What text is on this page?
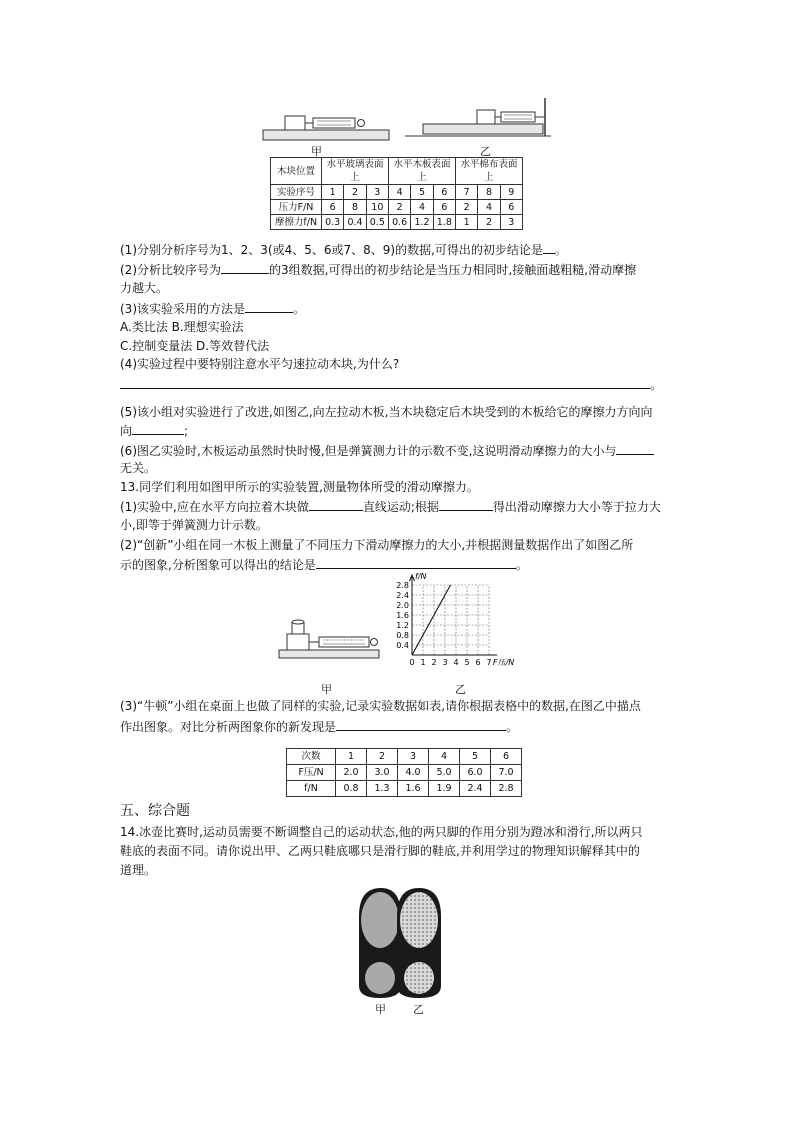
甲	乙
木块位置	水平玻璃表面上			水平木板表面上			水平棉布表面上		
实验序号	1	2	3	4	5	6	7	8	9
压力F/N	6	8	10	2	4	6	2	4	6
摩擦力f/N	0.3	0.4	0.5	0.6	1.2	1.8	1	2	3
(1)分别分析序号为1、2、3(或4、5、6或7、8、9)的数据,可得出的初步结论是 。
(2)分析比较序号为	的3组数据,可得出的初步结论是当压力相同时,接触面越粗糙,滑动摩擦
力越大。
(3)该实验采用的方法是	。
A.类比法 B.理想实验法
C.控制变量法 D.等效替代法
(4)实验过程中要特别注意水平匀速拉动木块,为什么?
。
(5)该小组对实验进行了改进,如图乙,向左拉动木板,当木块稳定后木块受到的木板给它的摩擦力方向向
向	;
(6)图乙实验时,木板运动虽然时快时慢,但是弹簧测力计的示数不变,这说明滑动摩擦力的大小与
无关。
13.同学们利用如图甲所示的实验装置,测量物体所受的滑动摩擦力。
(1)实验中,应在水平方向拉着木块做	直线运动;根据	得出滑动摩擦力大小等于拉力大
小,即等于弹簧测力计示数。
(2)“创新”小组在同一木板上测量了不同压力下滑动摩擦力的大小,并根据测量数据作出了如图乙所
示的图象,分析图象可以得出的结论是	。
甲
0 1 2 3 4 5 6 7
0.4
0.8
1.2
1.6
2.0
2.4
2.8
f/N
F压/N
乙
(3)“牛顿”小组在桌面上也做了同样的实验,记录实验数据如表,请你根据表格中的数据,在图乙中描点
作出图象。对比分析两图象你的新发现是	。
次数	1	2	3	4	5	6
F压/N	2.0	3.0	4.0	5.0	6.0	7.0
f/N	0.8	1.3	1.6	1.9	2.4	2.8
五、综合题
14.冰壶比赛时,运动员需要不断调整自己的运动状态,他的两只脚的作用分别为蹬冰和滑行,所以两只
鞋底的表面不同。请你说出甲、乙两只鞋底哪只是滑行脚的鞋底,并利用学过的物理知识解释其中的
道理。
甲 乙
